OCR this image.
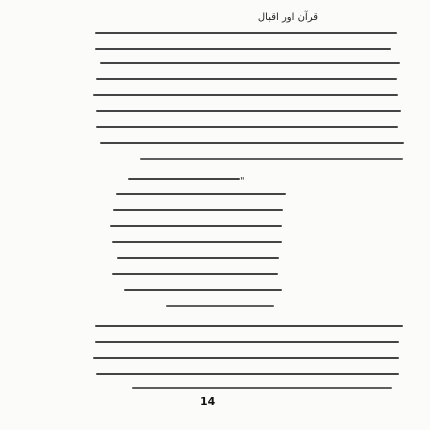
قرآن اور اقبال
"
14
